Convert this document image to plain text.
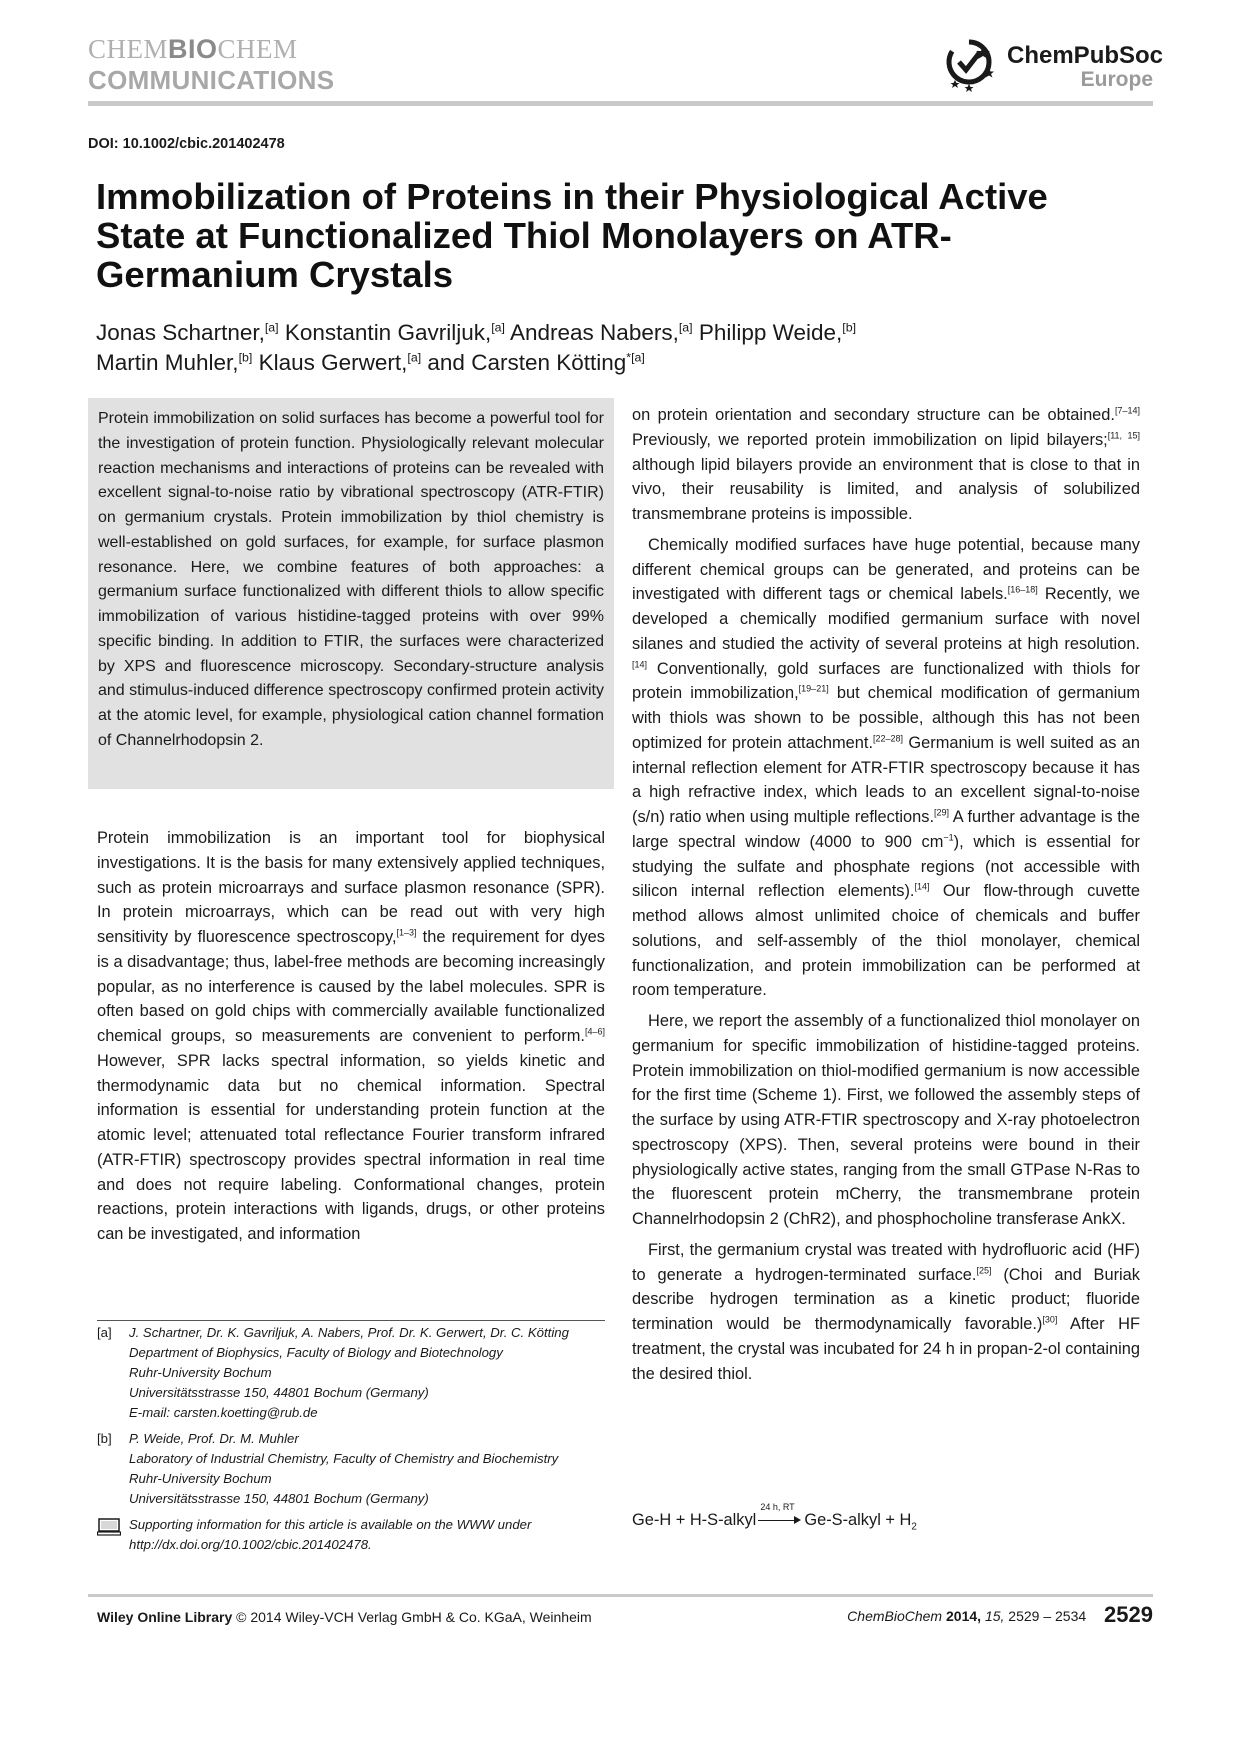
CHEMBIOCHEM
COMMUNICATIONS
ChemPubSoc
Europe
DOI: 10.1002/cbic.201402478
Immobilization of Proteins in their Physiological Active State at Functionalized Thiol Monolayers on ATR-Germanium Crystals
Jonas Schartner,[a] Konstantin Gavriljuk,[a] Andreas Nabers,[a] Philipp Weide,[b]
Martin Muhler,[b] Klaus Gerwert,[a] and Carsten Kötting$^{*[a]}$

Protein immobilization on solid surfaces has become a powerful tool for the investigation of protein function. Physiologically relevant molecular reaction mechanisms and interactions of proteins can be revealed with excellent signal-to-noise ratio by vibrational spectroscopy (ATR-FTIR) on germanium crystals. Protein immobilization by thiol chemistry is well-established on gold surfaces, for example, for surface plasmon resonance. Here, we combine features of both approaches: a germanium surface functionalized with different thiols to allow specific immobilization of various histidine-tagged proteins with over 99% specific binding. In addition to FTIR, the surfaces were characterized by XPS and fluorescence microscopy. Secondary-structure analysis and stimulus-induced difference spectroscopy confirmed protein activity at the atomic level, for example, physiological cation channel formation of Channelrhodopsin 2.

Protein immobilization is an important tool for biophysical investigations. It is the basis for many extensively applied techniques, such as protein microarrays and surface plasmon resonance (SPR). In protein microarrays, which can be read out with very high sensitivity by fluorescence spectroscopy,[1–3] the requirement for dyes is a disadvantage; thus, label-free methods are becoming increasingly popular, as no interference is caused by the label molecules. SPR is often based on gold chips with commercially available functionalized chemical groups, so measurements are convenient to perform.[4–6] However, SPR lacks spectral information, so yields kinetic and thermodynamic data but no chemical information. Spectral information is essential for understanding protein function at the atomic level; attenuated total reflectance Fourier transform infrared (ATR-FTIR) spectroscopy provides spectral information in real time and does not require labeling. Conformational changes, protein reactions, protein interactions with ligands, drugs, or other proteins can be investigated, and information

[a] J. Schartner, Dr. K. Gavriljuk, A. Nabers, Prof. Dr. K. Gerwert, Dr. C. Kötting
Department of Biophysics, Faculty of Biology and Biotechnology
Ruhr-University Bochum
Universitätsstrasse 150, 44801 Bochum (Germany)
E-mail: carsten.koetting@rub.de
[b] P. Weide, Prof. Dr. M. Muhler
Laboratory of Industrial Chemistry, Faculty of Chemistry and Biochemistry
Ruhr-University Bochum
Universitätsstrasse 150, 44801 Bochum (Germany)
Supporting information for this article is available on the WWW under
http://dx.doi.org/10.1002/cbic.201402478.

on protein orientation and secondary structure can be obtained.[7–14] Previously, we reported protein immobilization on lipid bilayers;[11, 15] although lipid bilayers provide an environment that is close to that in vivo, their reusability is limited, and analysis of solubilized transmembrane proteins is impossible.

Chemically modified surfaces have huge potential, because many different chemical groups can be generated, and proteins can be investigated with different tags or chemical labels.[16–18] Recently, we developed a chemically modified germanium surface with novel silanes and studied the activity of several proteins at high resolution.[14] Conventionally, gold surfaces are functionalized with thiols for protein immobilization,[19–21] but chemical modification of germanium with thiols was shown to be possible, although this has not been optimized for protein attachment.[22–28] Germanium is well suited as an internal reflection element for ATR-FTIR spectroscopy because it has a high refractive index, which leads to an excellent signal-to-noise (s/n) ratio when using multiple reflections.[29] A further advantage is the large spectral window (4000 to 900 $cm^{-1}$), which is essential for studying the sulfate and phosphate regions (not accessible with silicon internal reflection elements).[14] Our flow-through cuvette method allows almost unlimited choice of chemicals and buffer solutions, and self-assembly of the thiol monolayer, chemical functionalization, and protein immobilization can be performed at room temperature.

Here, we report the assembly of a functionalized thiol monolayer on germanium for specific immobilization of histidine-tagged proteins. Protein immobilization on thiol-modified germanium is now accessible for the first time (Scheme 1). First, we followed the assembly steps of the surface by using ATR-FTIR spectroscopy and X-ray photoelectron spectroscopy (XPS). Then, several proteins were bound in their physiologically active states, ranging from the small GTPase N-Ras to the fluorescent protein mCherry, the transmembrane protein Channelrhodopsin 2 (ChR2), and phosphocholine transferase AnkX.

First, the germanium crystal was treated with hydrofluoric acid (HF) to generate a hydrogen-terminated surface.[25] (Choi and Buriak describe hydrogen termination as a kinetic product; fluoride termination would be thermodynamically favorable.)[30] After HF treatment, the crystal was incubated for 24 h in propan-2-ol containing the desired thiol.

Ge-H + H-S-alkyl
24 h, RT
Ge-S-alkyl + $H_2$
Wiley Online Library © 2014 Wiley-VCH Verlag GmbH & Co. KGaA, Weinheim	ChemBioChem 2014, 15, 2529 – 2534 2529
